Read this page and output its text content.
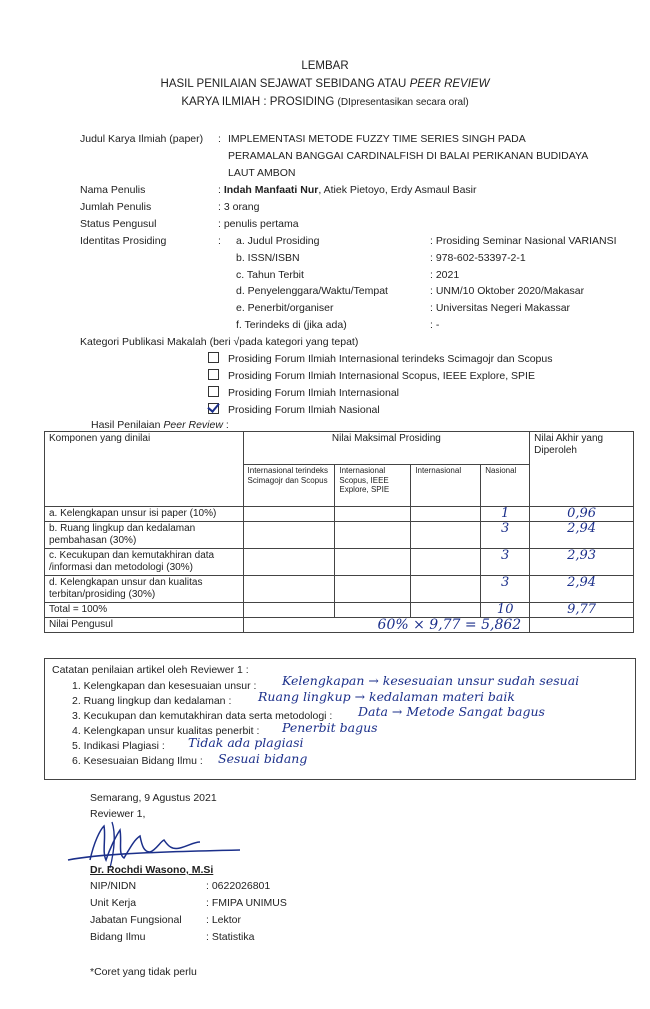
LEMBAR
HASIL PENILAIAN SEJAWAT SEBIDANG ATAU PEER REVIEW
KARYA ILMIAH : PROSIDING (DIpresentasikan secara oral)
Judul Karya Ilmiah (paper) : IMPLEMENTASI METODE FUZZY TIME SERIES SINGH PADA
PERAMALAN BANGGAI CARDINALFISH DI BALAI PERIKANAN BUDIDAYA
LAUT AMBON
Nama Penulis	: Indah Manfaati Nur, Atiek Pietoyo, Erdy Asmaul Basir
Jumlah Penulis	: 3 orang
Status Pengusul	: penulis pertama
Identitas Prosiding	: a. Judul Prosiding	: Prosiding Seminar Nasional VARIANSI
b. ISSN/ISBN	: 978-602-53397-2-1
c. Tahun Terbit	: 2021
d. Penyelenggara/Waktu/Tempat	: UNM/10 Oktober 2020/Makasar
e. Penerbit/organiser	: Universitas Negeri Makassar
f. Terindeks di (jika ada)	: -
Kategori Publikasi Makalah (beri √pada kategori yang tepat)
Prosiding Forum Ilmiah Internasional terindeks Scimagojr dan Scopus
Prosiding Forum Ilmiah Internasional Scopus, IEEE Explore, SPIE
Prosiding Forum Ilmiah Internasional
Prosiding Forum Ilmiah Nasional
Hasil Penilaian Peer Review :
Komponen yang dinilai	Nilai Maksimal Prosiding				Nilai Akhir yang Diperoleh
	Internasional terindeks Scimagojr dan Scopus	Internasional Scopus, IEEE Explore, SPIE	Internasional	Nasional	
a. Kelengkapan unsur isi paper (10%)				1	0,96
b. Ruang lingkup dan kedalaman pembahasan (30%)				3	2,94
c. Kecukupan dan kemutakhiran data /informasi dan metodologi (30%)				3	2,93
d. Kelengkapan unsur dan kualitas terbitan/prosiding (30%)				3	2,94
Total = 100%				10	9,77
Nilai Pengusul	60% × 9,77 = 5,862				
Catatan penilaian artikel oleh Reviewer 1 :
1. Kelengkapan dan kesesuaian unsur : Kelengkapan → kesesuaian unsur sudah sesuai
2. Ruang lingkup dan kedalaman : Ruang lingkup → kedalaman materi baik
3. Kecukupan dan kemutakhiran data serta metodologi : Data → Metode Sangat bagus
4. Kelengkapan unsur kualitas penerbit : Penerbit bagus
5. Indikasi Plagiasi : Tidak ada plagiasi
6. Kesesuaian Bidang Ilmu : Sesuai bidang
Semarang, 9 Agustus 2021
Reviewer 1,
Dr. Rochdi Wasono, M.Si
NIP/NIDN	: 0622026801
Unit Kerja	: FMIPA UNIMUS
Jabatan Fungsional : Lektor
Bidang Ilmu	: Statistika
*Coret yang tidak perlu
